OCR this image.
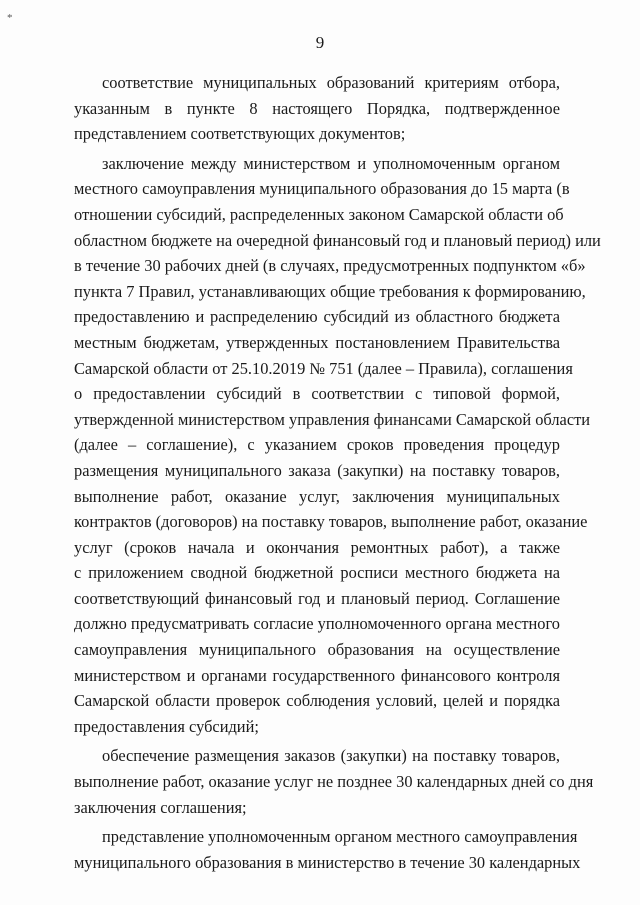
*
9
соответствие муниципальных образований критериям отбора,
указанным в пункте 8 настоящего Порядка, подтвержденное
представлением соответствующих документов;
заключение между министерством и уполномоченным органом
местного самоуправления муниципального образования до 15 марта (в
отношении субсидий, распределенных законом Самарской области об
областном бюджете на очередной финансовый год и плановый период) или
в течение 30 рабочих дней (в случаях, предусмотренных подпунктом «б»
пункта 7 Правил, устанавливающих общие требования к формированию,
предоставлению и распределению субсидий из областного бюджета
местным бюджетам, утвержденных постановлением Правительства
Самарской области от 25.10.2019 № 751 (далее – Правила), соглашения
о предоставлении субсидий в соответствии с типовой формой,
утвержденной министерством управления финансами Самарской области
(далее – соглашение), с указанием сроков проведения процедур
размещения муниципального заказа (закупки) на поставку товаров,
выполнение работ, оказание услуг, заключения муниципальных
контрактов (договоров) на поставку товаров, выполнение работ, оказание
услуг (сроков начала и окончания ремонтных работ), а также
с приложением сводной бюджетной росписи местного бюджета на
соответствующий финансовый год и плановый период. Соглашение
должно предусматривать согласие уполномоченного органа местного
самоуправления муниципального образования на осуществление
министерством и органами государственного финансового контроля
Самарской области проверок соблюдения условий, целей и порядка
предоставления субсидий;
обеспечение размещения заказов (закупки) на поставку товаров,
выполнение работ, оказание услуг не позднее 30 календарных дней со дня
заключения соглашения;
представление уполномоченным органом местного самоуправления
муниципального образования в министерство в течение 30 календарных
